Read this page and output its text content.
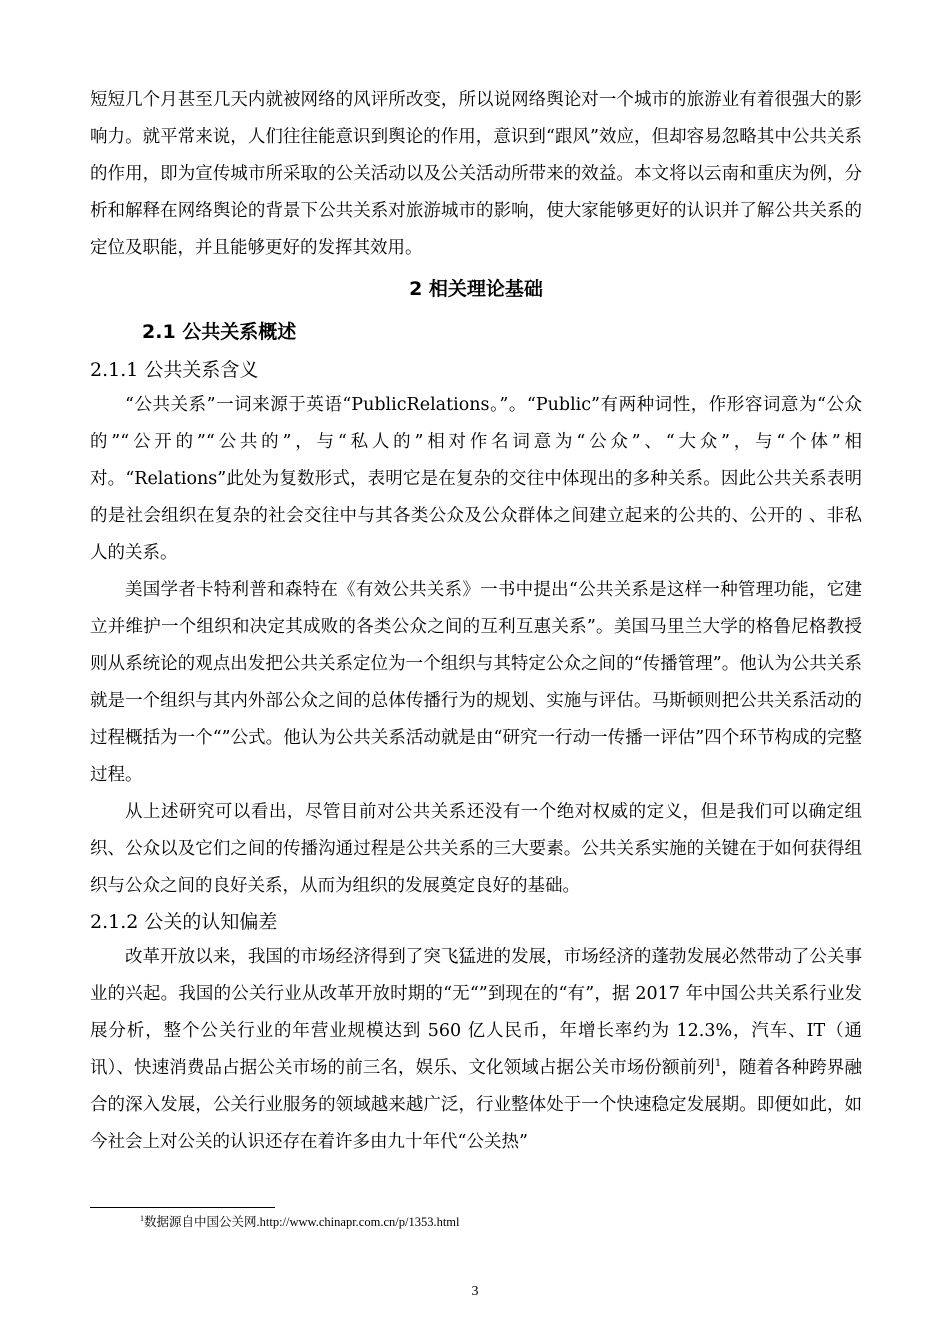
短短几个月甚至几天内就被网络的风评所改变，所以说网络舆论对一个城市的旅游业有着很强大的影响力。就平常来说，人们往往能意识到舆论的作用，意识到“跟风”效应，但却容易忽略其中公共关系的作用，即为宣传城市所采取的公关活动以及公关活动所带来的效益。本文将以云南和重庆为例，分析和解释在网络舆论的背景下公共关系对旅游城市的影响，使大家能够更好的认识并了解公共关系的定位及职能，并且能够更好的发挥其效用。

2 相关理论基础
2.1 公共关系概述
2.1.1 公共关系含义

“公共关系”一词来源于英语“PublicRelations。”。“Public”有两种词性，作形容词意为“公众的”“公开的”“公共的”，与“私人的”相对作名词意为“公众”、“大众”，与“个体”相对。“Relations”此处为复数形式，表明它是在复杂的交往中体现出的多种关系。因此公共关系表明的是社会组织在复杂的社会交往中与其各类公众及公众群体之间建立起来的公共的、公开的 、非私人的关系。

美国学者卡特利普和森特在《有效公共关系》一书中提出“公共关系是这样一种管理功能，它建立并维护一个组织和决定其成败的各类公众之间的互利互惠关系”。美国马里兰大学的格鲁尼格教授则从系统论的观点出发把公共关系定位为一个组织与其特定公众之间的“传播管理”。他认为公共关系就是一个组织与其内外部公众之间的总体传播行为的规划、实施与评估。马斯顿则把公共关系活动的过程概括为一个“”公式。他认为公共关系活动就是由“研究一行动一传播一评估”四个环节构成的完整过程。

从上述研究可以看出，尽管目前对公共关系还没有一个绝对权威的定义，但是我们可以确定组织、公众以及它们之间的传播沟通过程是公共关系的三大要素。公共关系实施的关键在于如何获得组织与公众之间的良好关系，从而为组织的发展奠定良好的基础。

2.1.2 公关的认知偏差

改革开放以来，我国的市场经济得到了突飞猛进的发展，市场经济的蓬勃发展必然带动了公关事业的兴起。我国的公关行业从改革开放时期的“无“”到现在的“有”，据 2017 年中国公共关系行业发展分析，整个公关行业的年营业规模达到 560 亿人民币，年增长率约为 12.3%，汽车、IT（通讯）、快速消费品占据公关市场的前三名，娱乐、文化领域占据公关市场份额前列$^1$，随着各种跨界融合的深入发展，公关行业服务的领域越来越广泛，行业整体处于一个快速稳定发展期。即便如此，如今社会上对公关的认识还存在着许多由九十年代“公关热”

$^1$数据源自中国公关网.http://www.chinapr.com.cn/p/1353.html
3
